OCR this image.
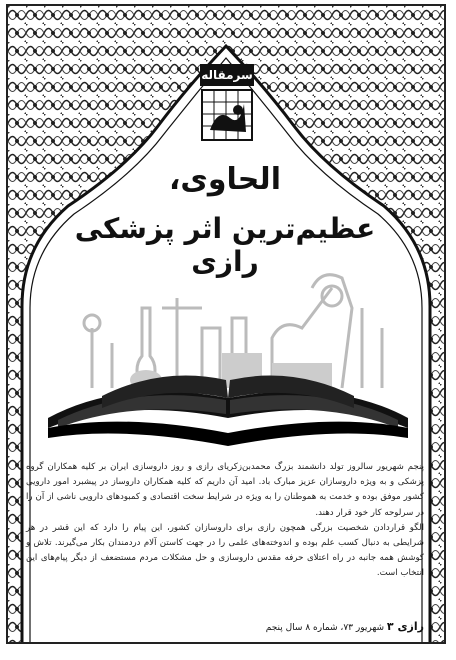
سرمقاله
الحاوی،
عظیم‌ترین اثر پزشکی رازی

پنجم شهریور سالروز تولد دانشمند بزرگ محمدبن‌زکریای رازی و روز داروسازی ایران بر کلیه همکاران گروه پزشکی و به ویژه داروسازان عزیز مبارک باد. امید آن داریم که کلیه همکاران داروساز در پیشبرد امور دارویی کشور موفق بوده و خدمت به هموطنان را به ویژه در شرایط سخت اقتصادی و کمبودهای دارویی ناشی از آن را در سرلوحه کار خود قرار دهند.

الگو قراردادن شخصیت بزرگی همچون رازی برای داروسازان کشور، این پیام را دارد که این قشر در هر شرایطی به دنبال کسب علم بوده و اندوخته‌های علمی را در جهت کاستن آلام دردمندان بکار می‌گیرند. تلاش و کوشش همه جانبه در راه اعتلای حرفه مقدس داروسازی و حل مشکلات مردم مستضعف از دیگر پیام‌های این انتخاب است.

رازی ۳ شهریور ۷۳، شماره ۸ سال پنجم
